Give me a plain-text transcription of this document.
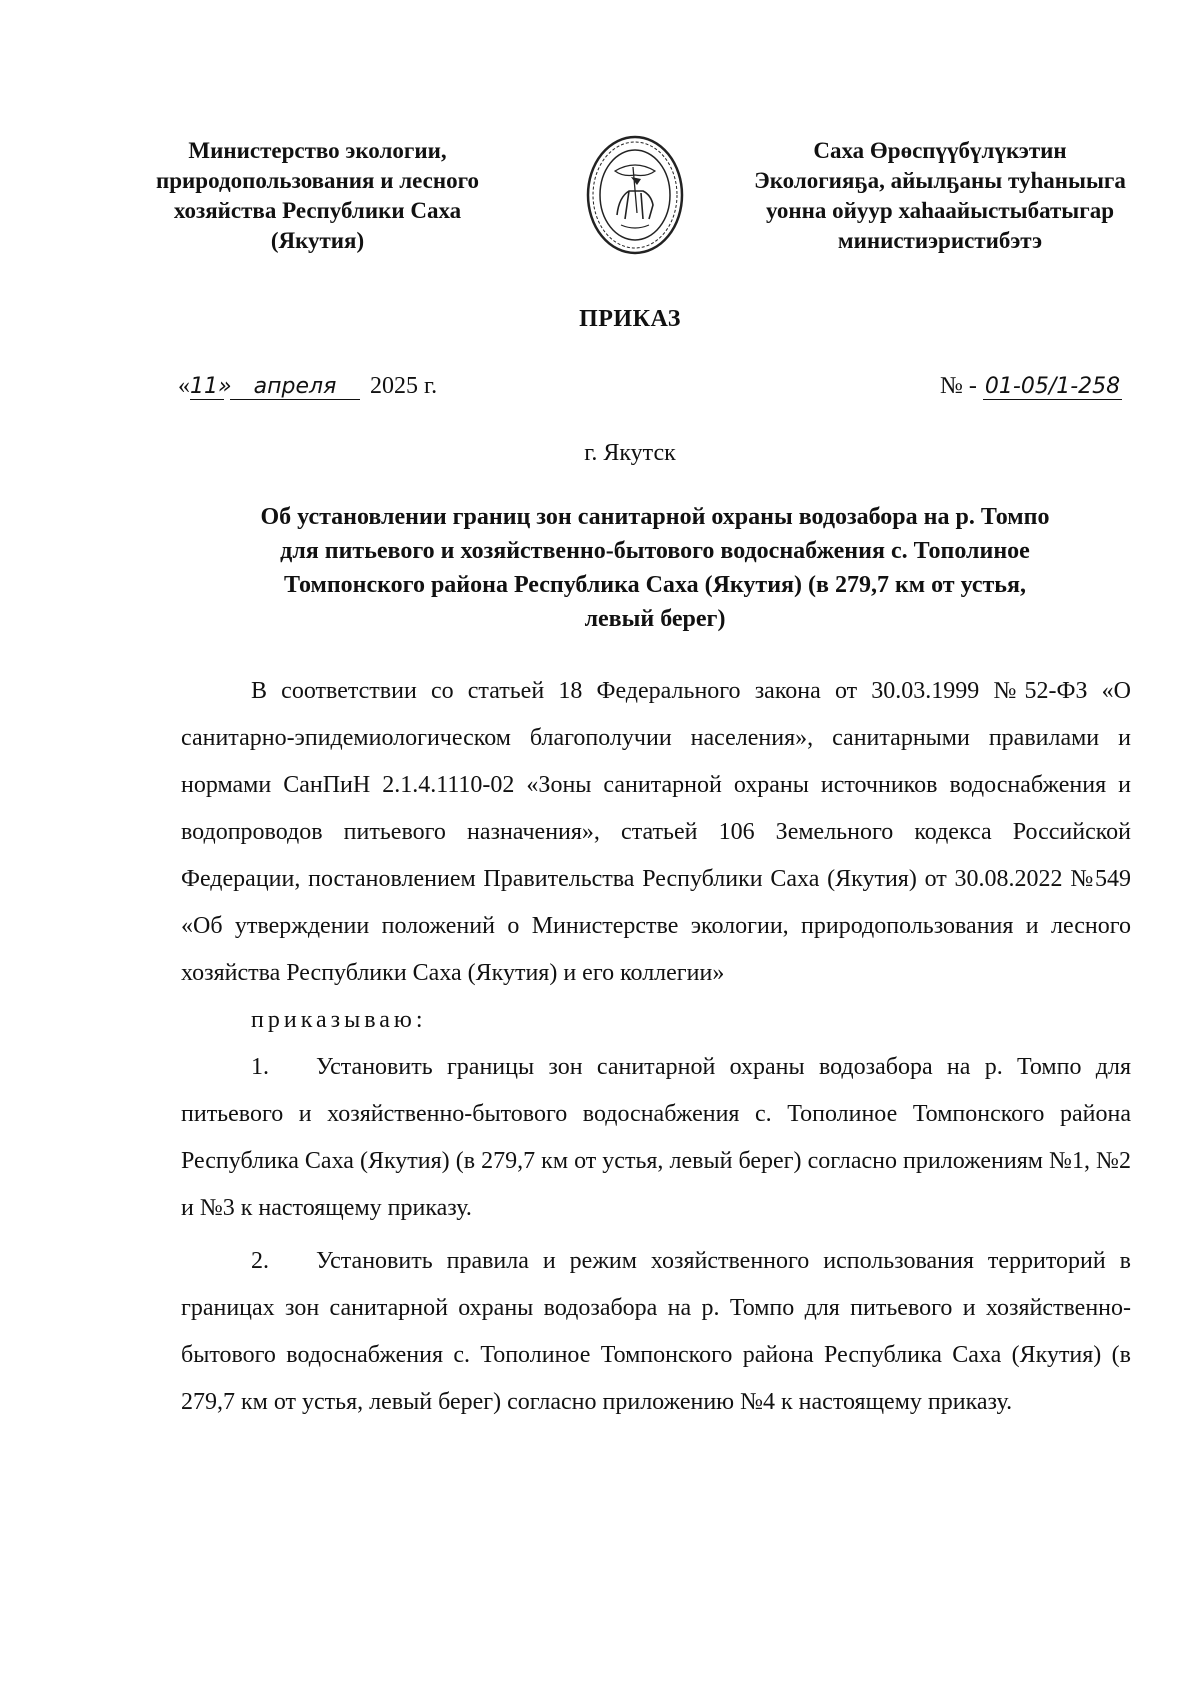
Министерство экологии,
природопользования и лесного
хозяйства Республики Саха
(Якутия)
Саха Өрөспүүбүлүкэтин
Экологияҕа, айылҕаны туһаныыга
уонна ойуур хаһаайыстыбатыгар
министиэристибэтэ
ПРИКАЗ
«11» апреля 2025 г.	№ - 01-05/1-258
г. Якутск
Об установлении границ зон санитарной охраны водозабора на р. Томпо
для питьевого и хозяйственно-бытового водоснабжения с. Тополиное
Томпонского района Республика Саха (Якутия) (в 279,7 км от устья,
левый берег)

В соответствии со статьей 18 Федерального закона от 30.03.1999 №52-ФЗ «О санитарно-эпидемиологическом благополучии населения», санитарными правилами и нормами СанПиН 2.1.4.1110-02 «Зоны санитарной охраны источников водоснабжения и водопроводов питьевого назначения», статьей 106 Земельного кодекса Российской Федерации, постановлением Правительства Республики Саха (Якутия) от 30.08.2022 №549 «Об утверждении положений о Министерстве экологии, природопользования и лесного хозяйства Республики Саха (Якутия) и его коллегии»

приказываю:

1. Установить границы зон санитарной охраны водозабора на р. Томпо для питьевого и хозяйственно-бытового водоснабжения с. Тополиное Томпонского района Республика Саха (Якутия) (в 279,7 км от устья, левый берег) согласно приложениям №1, №2 и №3 к настоящему приказу.

2. Установить правила и режим хозяйственного использования территорий в границах зон санитарной охраны водозабора на р. Томпо для питьевого и хозяйственно-бытового водоснабжения с. Тополиное Томпонского района Республика Саха (Якутия) (в 279,7 км от устья, левый берег) согласно приложению №4 к настоящему приказу.
